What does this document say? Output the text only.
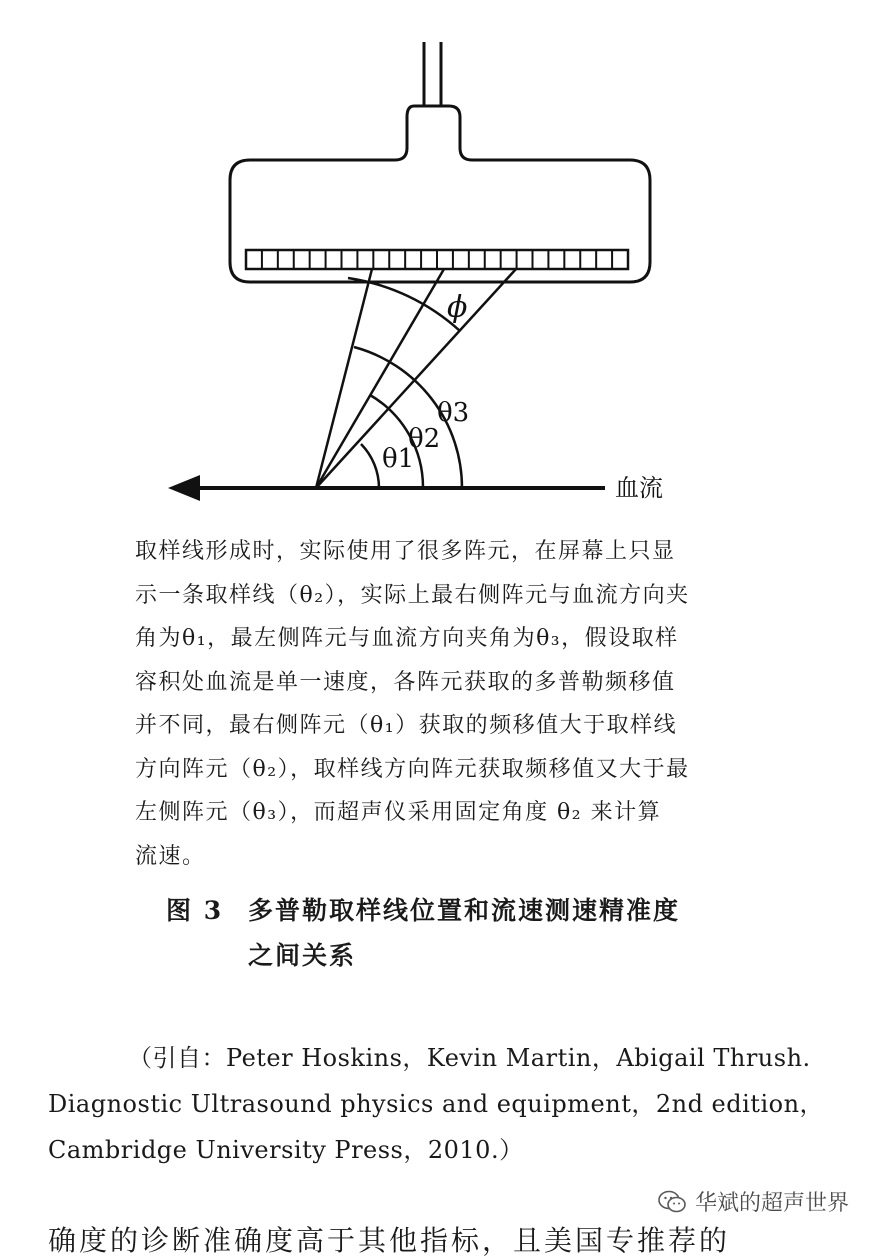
ϕ
θ3
θ2
θ1
血流

取样线形成时，实际使用了很多阵元，在屏幕上只显

示一条取样线（θ₂），实际上最右侧阵元与血流方向夹

角为θ₁，最左侧阵元与血流方向夹角为θ₃，假设取样

容积处血流是单一速度，各阵元获取的多普勒频移值

并不同，最右侧阵元（θ₁）获取的频移值大于取样线

方向阵元（θ₂），取样线方向阵元获取频移值又大于最

左侧阵元（θ₃），而超声仪采用固定角度 θ₂ 来计算

流速。

图 3 多普勒取样线位置和流速测速精准度
之间关系

（引自：Peter Hoskins，Kevin Martin，Abigail Thrush.

Diagnostic Ultrasound physics and equipment，2nd edition，

Cambridge University Press，2010.）

华斌的超声世界
确度的诊断准确度高于其他指标，且美国专推荐的
